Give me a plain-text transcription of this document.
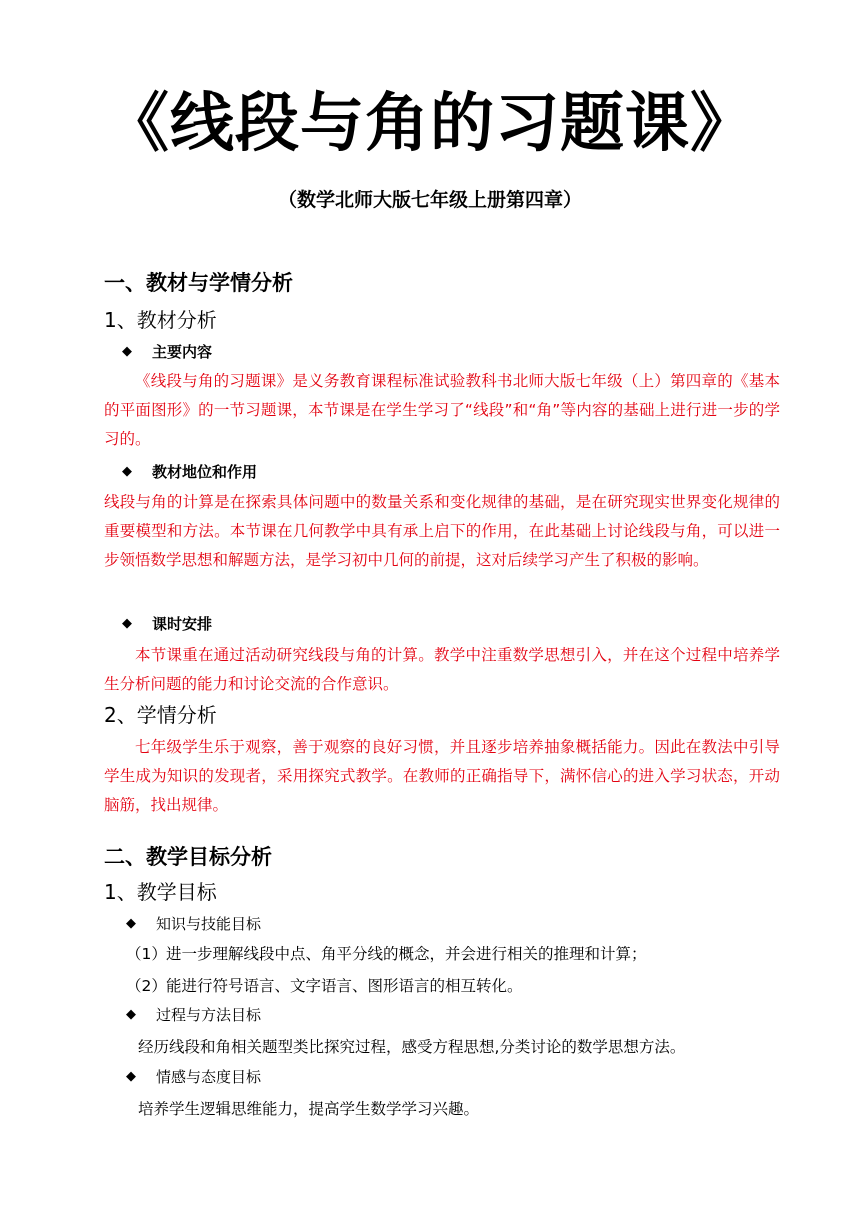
《线段与角的习题课》
（数学北师大版七年级上册第四章）
一、教材与学情分析
1、教材分析
◆	主要内容
《线段与角的习题课》是义务教育课程标准试验教科书北师大版七年级（上）第四章的《基本的平面图形》的一节习题课，本节课是在学生学习了“线段”和“角”等内容的基础上进行进一步的学习的。
◆	教材地位和作用
线段与角的计算是在探索具体问题中的数量关系和变化规律的基础，是在研究现实世界变化规律的重要模型和方法。本节课在几何教学中具有承上启下的作用，在此基础上讨论线段与角，可以进一步领悟数学思想和解题方法，是学习初中几何的前提，这对后续学习产生了积极的影响。
◆	课时安排
本节课重在通过活动研究线段与角的计算。教学中注重数学思想引入，并在这个过程中培养学生分析问题的能力和讨论交流的合作意识。
2、学情分析
七年级学生乐于观察，善于观察的良好习惯，并且逐步培养抽象概括能力。因此在教法中引导学生成为知识的发现者，采用探究式教学。在教师的正确指导下，满怀信心的进入学习状态，开动脑筋，找出规律。
二、教学目标分析
1、教学目标
◆	知识与技能目标
（1）进一步理解线段中点、角平分线的概念，并会进行相关的推理和计算；
（2）能进行符号语言、文字语言、图形语言的相互转化。
◆	过程与方法目标
经历线段和角相关题型类比探究过程，感受方程思想,分类讨论的数学思想方法。
◆	情感与态度目标
培养学生逻辑思维能力，提高学生数学学习兴趣。
